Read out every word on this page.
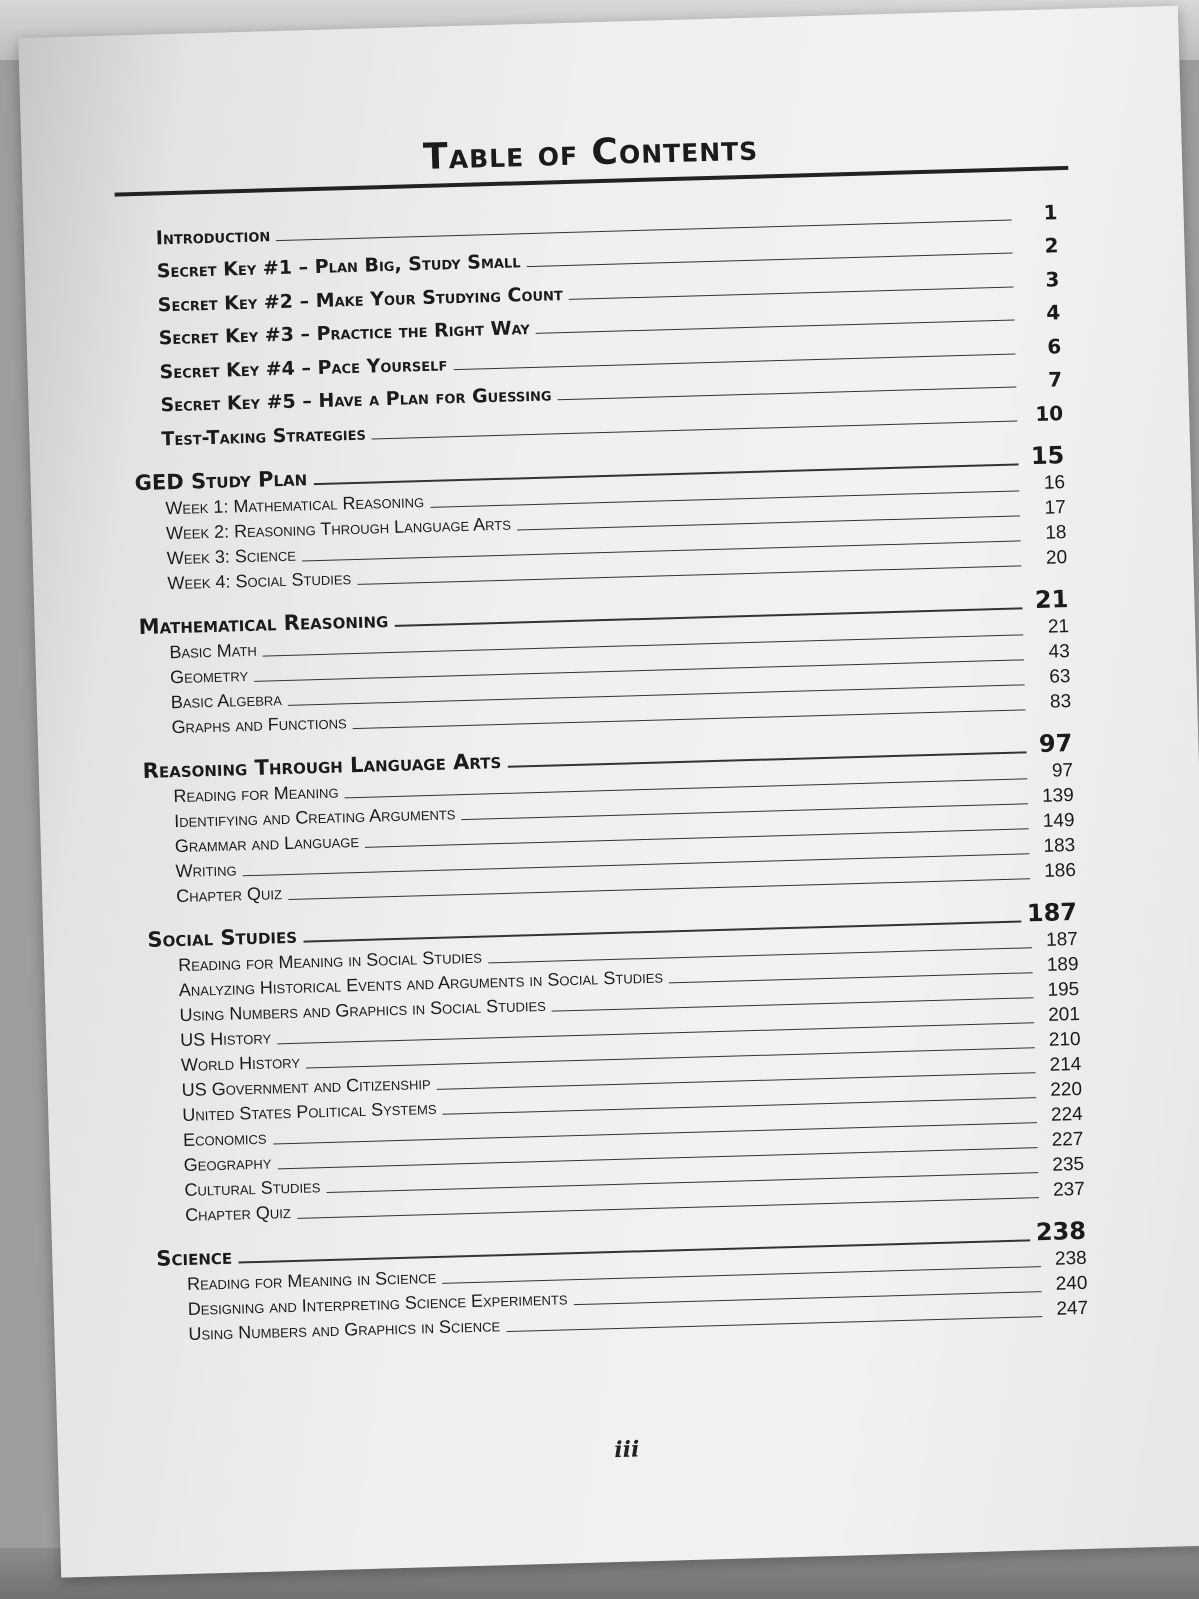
Table of Contents
Introduction
1
Secret Key #1 – Plan Big, Study Small
2
Secret Key #2 – Make Your Studying Count
3
Secret Key #3 – Practice the Right Way
4
Secret Key #4 – Pace Yourself
6
Secret Key #5 – Have a Plan for Guessing
7
Test-Taking Strategies
10
GED Study Plan
15
Week 1: Mathematical Reasoning
16
Week 2: Reasoning Through Language Arts
17
Week 3: Science
18
Week 4: Social Studies
20
Mathematical Reasoning
21
Basic Math
21
Geometry
43
Basic Algebra
63
Graphs and Functions
83
Reasoning Through Language Arts
97
Reading for Meaning
97
Identifying and Creating Arguments
139
Grammar and Language
149
Writing
183
Chapter Quiz
186
Social Studies
187
Reading for Meaning in Social Studies
187
Analyzing Historical Events and Arguments in Social Studies
189
Using Numbers and Graphics in Social Studies
195
US History
201
World History
210
US Government and Citizenship
214
United States Political Systems
220
Economics
224
Geography
227
Cultural Studies
235
Chapter Quiz
237
Science
238
Reading for Meaning in Science
238
Designing and Interpreting Science Experiments
240
Using Numbers and Graphics in Science
247
iii
